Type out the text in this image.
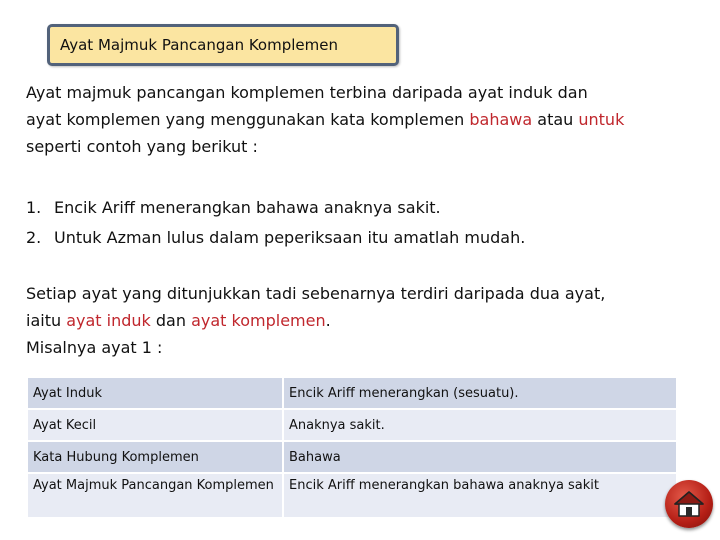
Ayat Majmuk Pancangan Komplemen

Ayat majmuk pancangan komplemen terbina daripada ayat induk dan
ayat komplemen yang menggunakan kata komplemen bahawa atau untuk
seperti contoh yang berikut :

1. Encik Ariff menerangkan bahawa anaknya sakit.
2. Untuk Azman lulus dalam peperiksaan itu amatlah mudah.

Setiap ayat yang ditunjukkan tadi sebenarnya terdiri daripada dua ayat,
iaitu ayat induk dan ayat komplemen.
Misalnya ayat 1 :

Ayat Induk	Encik Ariff menerangkan (sesuatu).
Ayat Kecil	Anaknya sakit.
Kata Hubung Komplemen	Bahawa
Ayat Majmuk Pancangan Komplemen	Encik Ariff menerangkan bahawa anaknya sakit
